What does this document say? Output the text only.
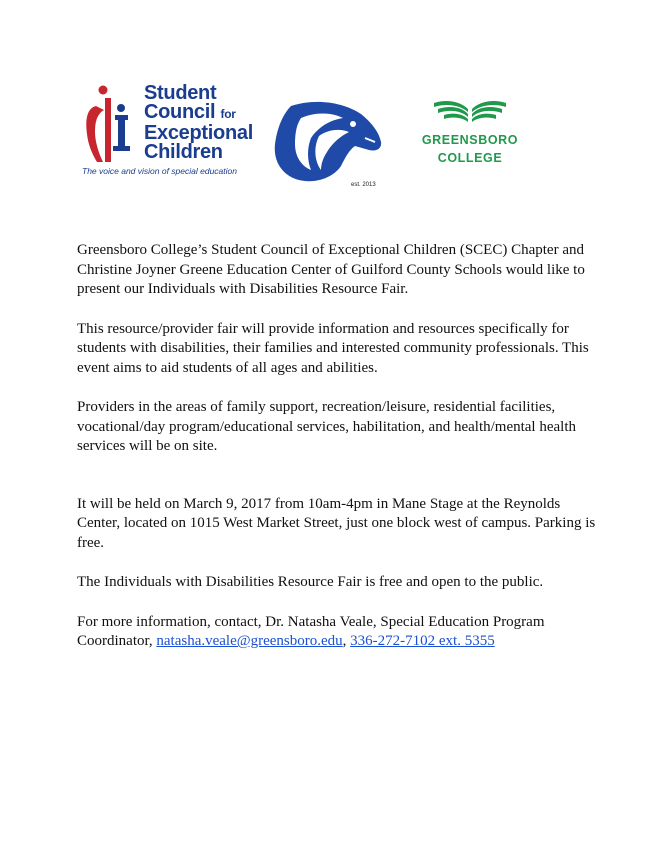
Student
Council for
Exceptional
Children
The voice and vision of special education
est. 2013
GREENSBORO
COLLEGE

Greensboro College’s Student Council of Exceptional Children (SCEC) Chapter and Christine Joyner Greene Education Center of Guilford County Schools would like to present our Individuals with Disabilities Resource Fair.

This resource/provider fair will provide information and resources specifically for students with disabilities, their families and interested community professionals. This event aims to aid students of all ages and abilities.

Providers in the areas of family support, recreation/leisure, residential facilities, vocational/day program/educational services, habilitation, and health/mental health services will be on site.

It will be held on March 9, 2017 from 10am-4pm in Mane Stage at the Reynolds Center, located on 1015 West Market Street, just one block west of campus. Parking is free.

The Individuals with Disabilities Resource Fair is free and open to the public.

For more information, contact, Dr. Natasha Veale, Special Education Program Coordinator, natasha.veale@greensboro.edu, 336-272-7102 ext. 5355
